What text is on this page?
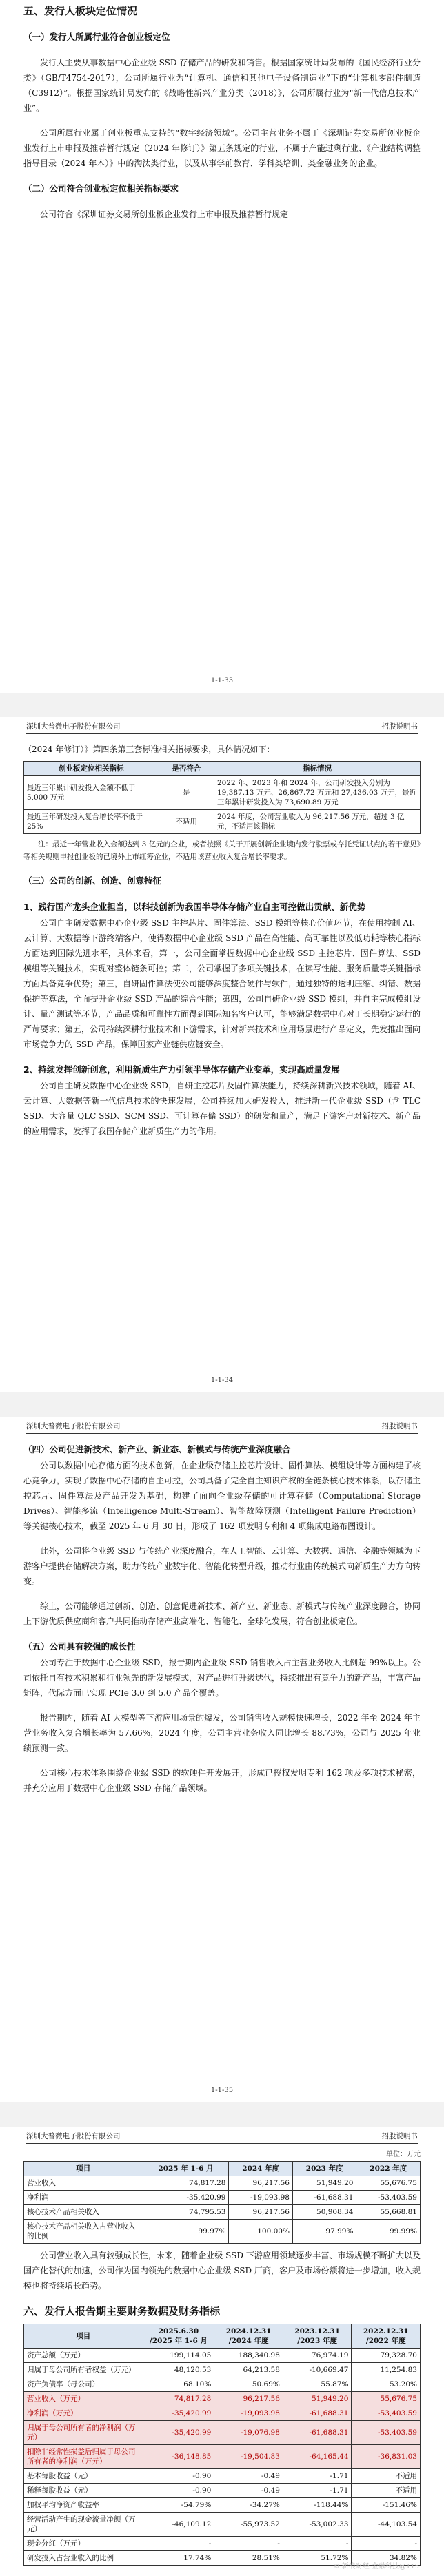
五、发行人板块定位情况
（一）发行人所属行业符合创业板定位

发行人主要从事数据中心企业级 SSD 存储产品的研发和销售。根据国家统计局发布的《国民经济行业分类》（GB/T4754-2017），公司所属行业为“计算机、通信和其他电子设备制造业”下的“计算机零部件制造（C3912）”。根据国家统计局发布的《战略性新兴产业分类（2018）》，公司所属行业为“新一代信息技术产业”。

公司所属行业属于创业板重点支持的“数字经济领域”。公司主营业务不属于《深圳证券交易所创业板企业发行上市申报及推荐暂行规定（2024 年修订）》第五条规定的行业，不属于产能过剩行业、《产业结构调整指导目录（2024 年本）》中的淘汰类行业，以及从事学前教育、学科类培训、类金融业务的企业。

（二）公司符合创业板定位相关指标要求

公司符合《深圳证券交易所创业板企业发行上市申报及推荐暂行规定

1-1-33
深圳大普微电子股份有限公司	招股说明书

（2024 年修订）》第四条第三套标准相关指标要求，具体情况如下：

创业板定位相关指标	是否符合	指标情况
最近三年累计研发投入金额不低于 5,000 万元	是	2022 年、2023 年和 2024 年，公司研发投入分别为 19,387.13 万元、26,867.72 万元和 27,436.03 万元，最近三年累计研发投入为 73,690.89 万元
最近三年研发投入复合增长率不低于 25%	不适用	2024 年度，公司营业收入为 96,217.56 万元，超过 3 亿元，不适用该指标

注：最近一年营业收入金额达到 3 亿元的企业，或者按照《关于开展创新企业境内发行股票或存托凭证试点的若干意见》等相关规则申报创业板的已境外上市红筹企业，不适用该营业收入复合增长率要求。

（三）公司的创新、创造、创意特征
1、践行国产龙头企业担当，以科技创新为我国半导体存储产业自主可控做出贡献、新优势

公司自主研发数据中心企业级 SSD 主控芯片、固件算法、SSD 模组等核心价值环节，在使用控制 AI、云计算、大数据等下游终端客户，使得数据中心企业级 SSD 产品在高性能、高可靠性以及低功耗等核心指标方面达到国际先进水平，具体来看，第一，公司全面掌握数据中心企业级 SSD 主控芯片、固件算法、SSD 模组等关键技术，实现对整体链条可控；第二，公司掌握了多项关键技术，在读写性能、服务质量等关键指标方面具备竞争优势；第三，自研固件算法使公司能够深度整合硬件与软件，通过独特的透明压缩、纠错、数据保护等算法，全面提升企业级 SSD 产品的综合性能；第四，公司自研企业级 SSD 模组，并自主完成模组设计、量产测试等环节，产品品质和可靠性方面得到国际知名客户认可，能够满足数据中心对于长期稳定运行的严苛要求；第五，公司持续深耕行业技术和下游需求，针对新兴技术和应用场景进行产品定义，先发推出面向市场竞争力的 SSD 产品，保障国家产业链供应链安全。

2、持续发挥创新创意，利用新质生产力引领半导体存储产业变革，实现高质量发展

公司自主研发数据中心企业级 SSD，自研主控芯片及固件算法能力，持续深耕新兴技术领域，随着 AI、云计算、大数据等新一代信息技术的快速发展，公司持续加大研发投入，推进新一代企业级 SSD（含 TLC SSD、大容量 QLC SSD、SCM SSD、可计算存储 SSD）的研发和量产，满足下游客户对新技术、新产品的应用需求，发挥了我国存储产业新质生产力的作用。

1-1-34
深圳大普微电子股份有限公司	招股说明书
（四）公司促进新技术、新产业、新业态、新模式与传统产业深度融合

公司以数据中心存储方面的技术创新，在企业级存储主控芯片设计、固件算法、模组设计等方面构建了核心竞争力，实现了数据中心存储的自主可控，公司具备了完全自主知识产权的全链条核心技术体系，以存储主控芯片、固件算法及产品开发为基础，构建了面向企业级存储的可计算存储（Computational Storage Drives）、智能多流（Intelligence Multi-Stream）、智能故障预测（Intelligent Failure Prediction）等关键核心技术，截至 2025 年 6 月 30 日，形成了 162 项发明专利和 4 项集成电路布图设计。

此外，公司将企业级 SSD 与传统产业深度融合，在人工智能、云计算、大数据、通信、金融等领域为下游客户提供存储解决方案，助力传统产业数字化、智能化转型升级，推动行业由传统模式向新质生产力方向转变。

综上，公司能够通过创新、创造、创意促进新技术、新产业、新业态、新模式与传统产业深度融合，协同上下游优质供应商和客户共同推动存储产业高端化、智能化、全球化发展，符合创业板定位。

（五）公司具有较强的成长性

公司专注于数据中心企业级 SSD，报告期内企业级 SSD 销售收入占主营业务收入比例超 99%以上。公司依托自有技术积累和行业领先的新发展模式，对产品进行升级迭代，持续推出有竞争力的新产品，丰富产品矩阵，代际方面已实现 PCIe 3.0 到 5.0 产品全覆盖。

报告期内，随着 AI 大模型等下游应用场景的爆发，公司销售收入规模快速增长，2022 年至 2024 年主营业务收入复合增长率为 57.66%，2024 年度，公司主营业务收入同比增长 88.73%，公司与 2025 年业绩预测一致。

公司核心技术体系围绕企业级 SSD 的软硬件开发展开，形成已授权发明专利 162 项及多项技术秘密，并充分应用于数据中心企业级 SSD 存储产品领域。

1-1-35
深圳大普微电子股份有限公司	招股说明书
单位：万元
项目	2025 年 1-6 月	2024 年度	2023 年度	2022 年度
营业收入	74,817.28	96,217.56	51,949.20	55,676.75
净利润	-35,420.99	-19,093.98	-61,688.31	-53,403.59
核心技术产品相关收入	74,795.53	96,217.56	50,908.34	55,668.81
核心技术产品相关收入占营业收入的比例	99.97%	100.00%	97.99%	99.99%

公司营业收入具有较强成长性，未来，随着企业级 SSD 下游应用领域逐步丰富、市场规模不断扩大以及国产化替代的加速，公司作为国内领先的数据中心企业级 SSD 厂商，客户及市场份额将进一步增加，收入规模也将持续增长趋势。

六、发行人报告期主要财务数据及财务指标
项目	2025.6.30 /2025 年 1-6 月	2024.12.31 /2024 年度	2023.12.31 /2023 年度	2022.12.31 /2022 年度
资产总额（万元）	199,114.05	188,340.98	76,974.19	79,328.70
归属于母公司所有者权益（万元）	48,120.53	64,213.58	-10,669.47	11,254.83
资产负债率（母公司）	68.10%	50.69%	55.87%	53.20%
营业收入（万元）	74,817.28	96,217.56	51,949.20	55,676.75
净利润（万元）	-35,420.99	-19,093.98	-61,688.31	-53,403.59
归属于母公司所有者的净利润（万元）	-35,420.99	-19,076.98	-61,688.31	-53,403.59
扣除非经常性损益后归属于母公司所有者的净利润（万元）	-36,148.85	-19,504.83	-64,165.44	-36,831.03
基本每股收益（元）	-0.90	-0.49	-1.71	不适用
稀释每股收益（元）	-0.90	-0.49	-1.71	不适用
加权平均净资产收益率	-54.79%	-34.27%	-118.44%	-151.46%
经营活动产生的现金流量净额（万元）	-46,109.12	-55,973.52	-53,002.33	-44,103.54
现金分红（万元）	-	-	-	-
研发投入占营业收入的比例	17.74%	28.51%	51.72%	34.82%
© 新浪财经 金融科技@115
